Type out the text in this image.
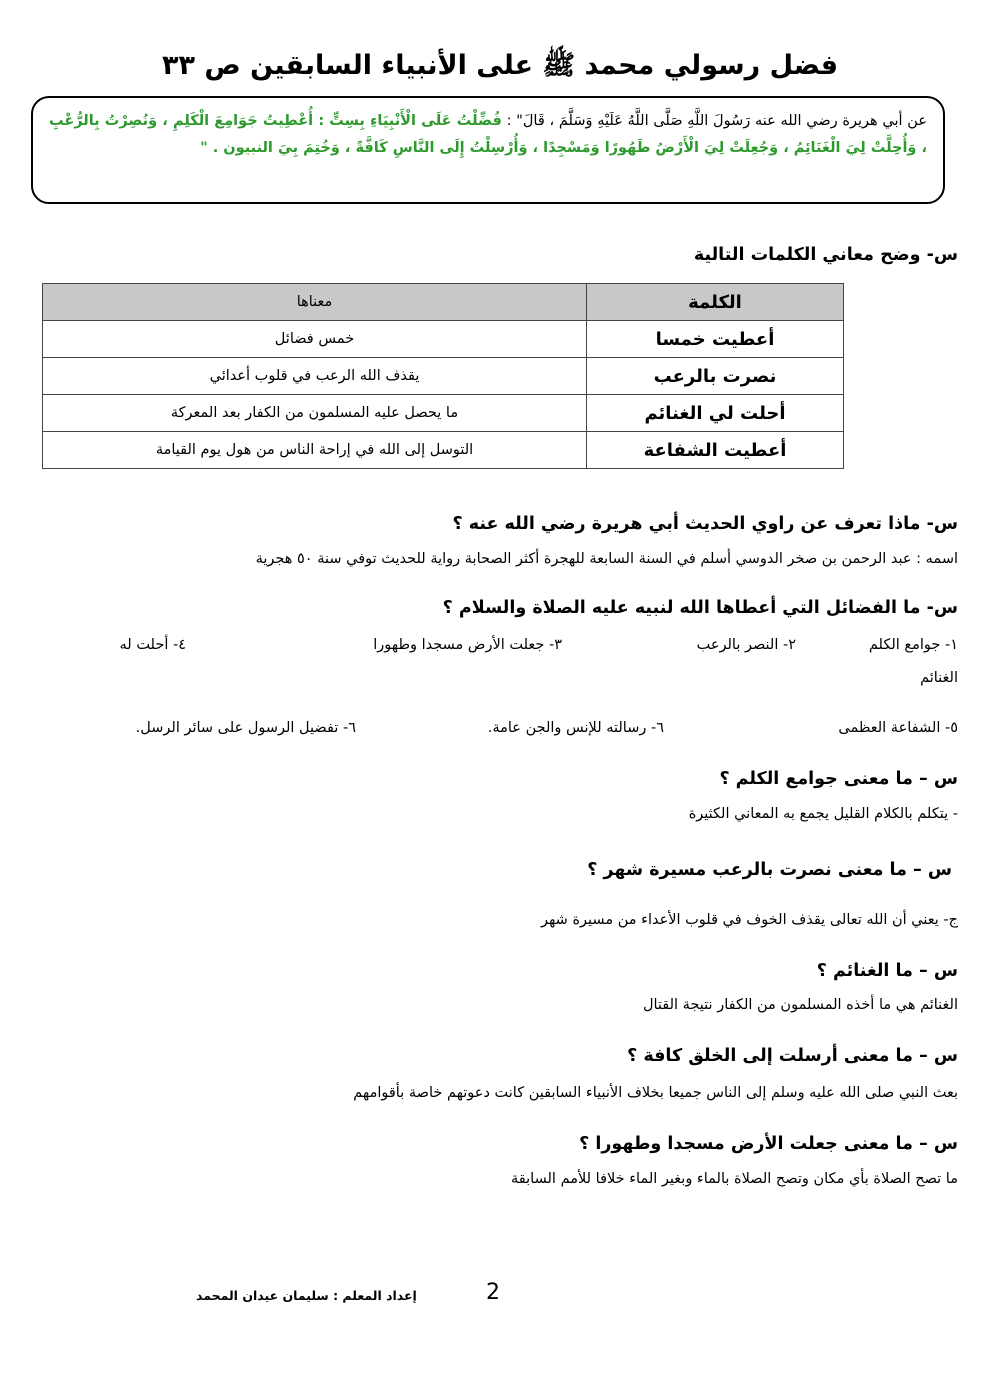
فضل رسولي محمد ﷺ على الأنبياء السابقين ص ٣٣
عن أبي هريرة رضي الله عنه رَسُولَ اللَّهِ صَلَّى اللَّهُ عَلَيْهِ وَسَلَّمَ ، قَالَ" : فُضِّلْتُ عَلَى الْأَنْبِيَاءِ بِسِتٍّ : أُعْطِيتُ جَوَامِعَ الْكَلِمِ ، وَنُصِرْتُ بِالرُّعْبِ ، وَأُحِلَّتْ لِيَ الْغَنَائِمُ ، وَجُعِلَتْ لِيَ الْأَرْضُ طَهُورًا وَمَسْجِدًا ، وَأُرْسِلْتُ إِلَى النَّاسِ كَافَّةً ، وَخُتِمَ بِيَ النبيون . "
س- وضح معاني الكلمات التالية
الكلمة	معناها
أعطيت خمسا	خمس فضائل
نصرت بالرعب	يقذف الله الرعب في قلوب أعدائي
أحلت لي الغنائم	ما يحصل عليه المسلمون من الكفار بعد المعركة
أعطيت الشفاعة	التوسل إلى الله في إراحة الناس من هول يوم القيامة
س- ماذا تعرف عن راوي الحديث أبي هريرة رضي الله عنه ؟
اسمه : عبد الرحمن بن صخر الدوسي أسلم في السنة السابعة للهجرة أكثر الصحابة رواية للحديث توفي سنة ٥٠ هجرية
س- ما الفضائل التي أعطاها الله لنبيه عليه الصلاة والسلام ؟
١- جوامع الكلم
٢- النصر بالرعب
٣- جعلت الأرض مسجدا وطهورا
٤- أحلت له
الغنائم
٥- الشفاعة العظمى
٦- رسالته للإنس والجن عامة.
٦- تفضيل الرسول على سائر الرسل.
س – ما معنى جوامع الكلم ؟
- يتكلم بالكلام القليل يجمع به المعاني الكثيرة
س – ما معنى نصرت بالرعب مسيرة شهر ؟
ج- يعني أن الله تعالى يقذف الخوف في قلوب الأعداء من مسيرة شهر
س – ما الغنائم ؟
الغنائم هي ما أخذه المسلمون من الكفار نتيجة القتال
س – ما معنى أرسلت إلى الخلق كافة ؟
بعث النبي صلى الله عليه وسلم إلى الناس جميعا بخلاف الأنبياء السابقين كانت دعوتهم خاصة بأقوامهم
س – ما معنى جعلت الأرض مسجدا وطهورا ؟
ما تصح الصلاة بأي مكان وتصح الصلاة بالماء وبغير الماء خلافا للأمم السابقة
2
إعداد المعلم : سليمان عيدان المحمد
